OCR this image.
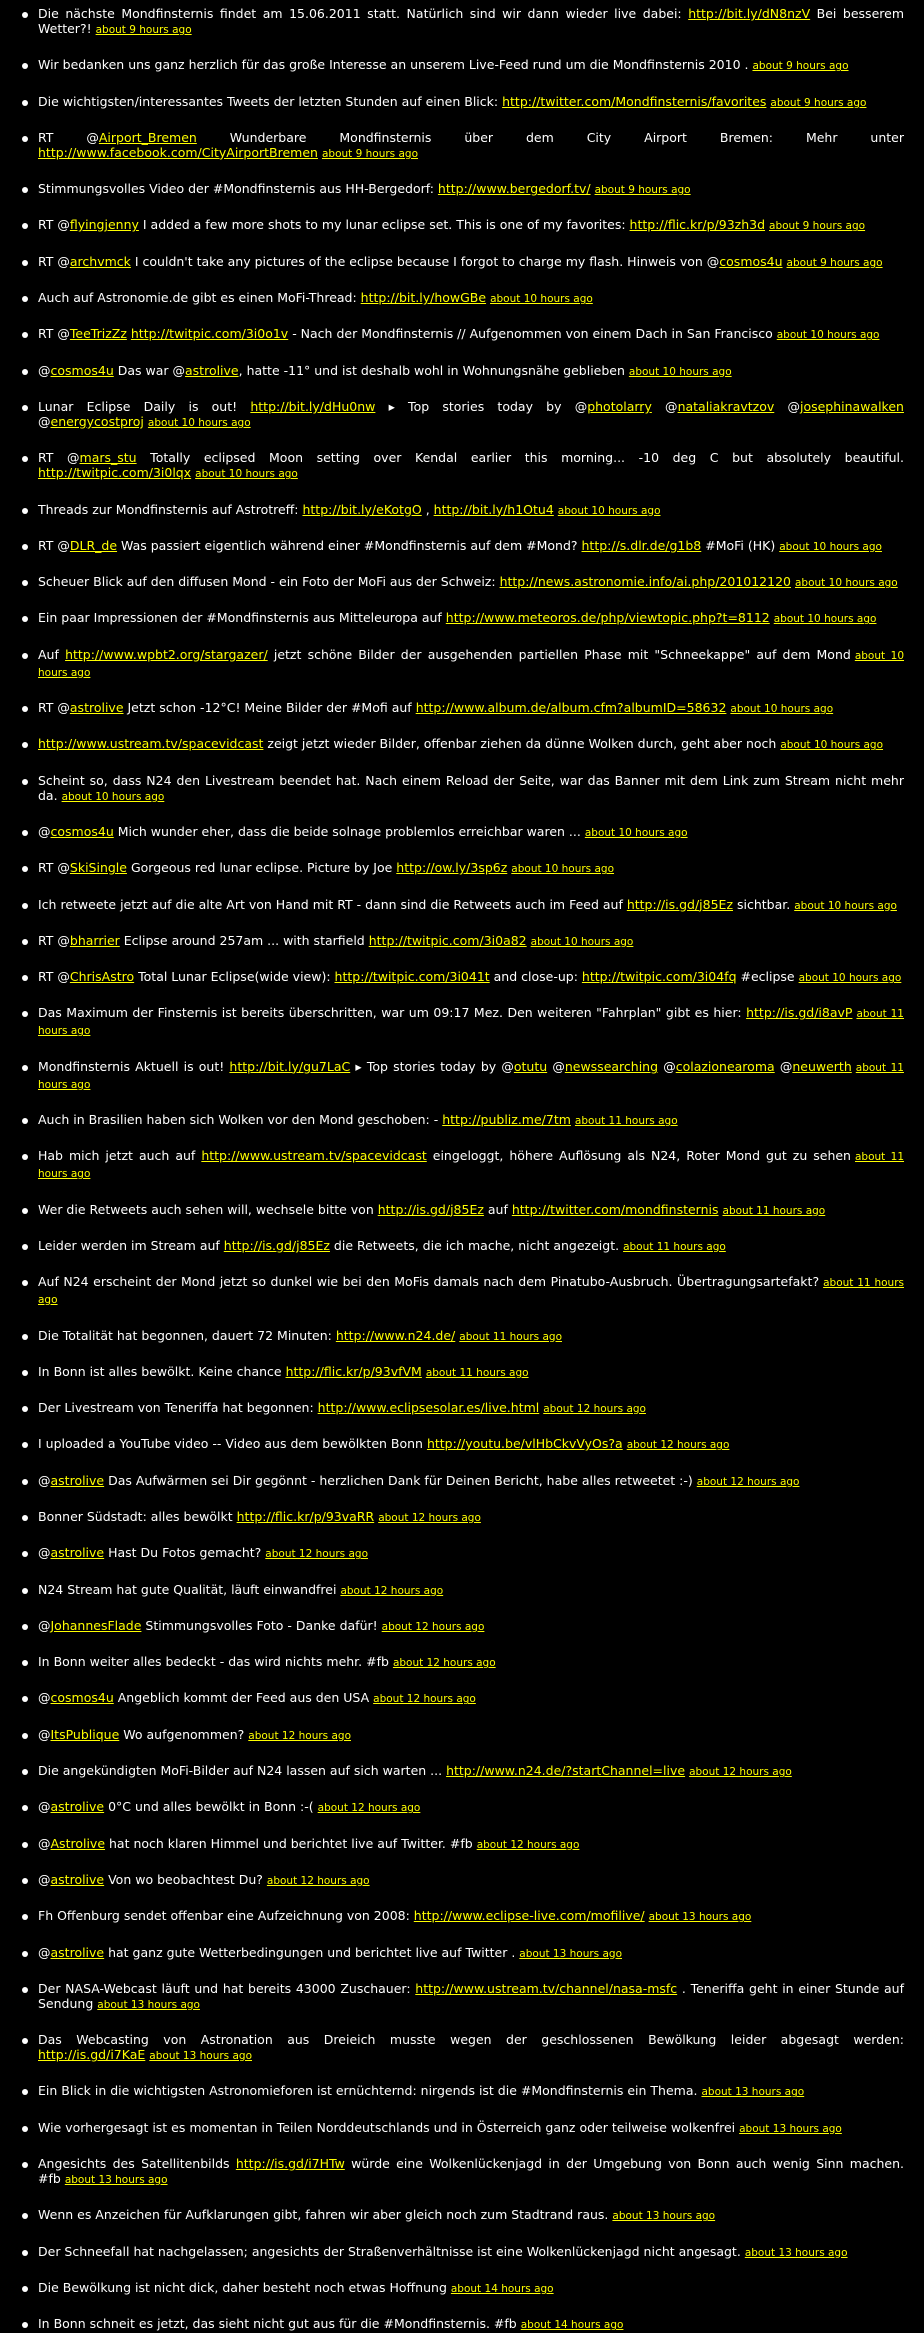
Die nächste Mondfinsternis findet am 15.06.2011 statt. Natürlich sind wir dann wieder live dabei: http://bit.ly/dN8nzV Bei besserem Wetter?! about 9 hours ago
Wir bedanken uns ganz herzlich für das große Interesse an unserem Live-Feed rund um die Mondfinsternis 2010 . about 9 hours ago
Die wichtigsten/interessantes Tweets der letzten Stunden auf einen Blick: http://twitter.com/Mondfinsternis/favorites about 9 hours ago
RT @Airport_Bremen Wunderbare Mondfinsternis über dem City Airport Bremen: Mehr unter http://www.facebook.com/CityAirportBremen about 9 hours ago
Stimmungsvolles Video der #Mondfinsternis aus HH-Bergedorf: http://www.bergedorf.tv/ about 9 hours ago
RT @flyingjenny I added a few more shots to my lunar eclipse set. This is one of my favorites: http://flic.kr/p/93zh3d about 9 hours ago
RT @archvmck I couldn't take any pictures of the eclipse because I forgot to charge my flash. Hinweis von @cosmos4u about 9 hours ago
Auch auf Astronomie.de gibt es einen MoFi-Thread: http://bit.ly/howGBe about 10 hours ago
RT @TeeTrizZz http://twitpic.com/3i0o1v - Nach der Mondfinsternis // Aufgenommen von einem Dach in San Francisco about 10 hours ago
@cosmos4u Das war @astrolive, hatte -11° und ist deshalb wohl in Wohnungsnähe geblieben about 10 hours ago
Lunar Eclipse Daily is out! http://bit.ly/dHu0nw ▸ Top stories today by @photolarry @nataliakravtzov @josephinawalken @energycostproj about 10 hours ago
RT @mars_stu Totally eclipsed Moon setting over Kendal earlier this morning... -10 deg C but absolutely beautiful. http://twitpic.com/3i0lqx about 10 hours ago
Threads zur Mondfinsternis auf Astrotreff: http://bit.ly/eKotgO , http://bit.ly/h1Otu4 about 10 hours ago
RT @DLR_de Was passiert eigentlich während einer #Mondfinsternis auf dem #Mond? http://s.dlr.de/g1b8 #MoFi (HK) about 10 hours ago
Scheuer Blick auf den diffusen Mond - ein Foto der MoFi aus der Schweiz: http://news.astronomie.info/ai.php/201012120 about 10 hours ago
Ein paar Impressionen der #Mondfinsternis aus Mitteleuropa auf http://www.meteoros.de/php/viewtopic.php?t=8112 about 10 hours ago
Auf http://www.wpbt2.org/stargazer/ jetzt schöne Bilder der ausgehenden partiellen Phase mit "Schneekappe" auf dem Mond about 10 hours ago
RT @astrolive Jetzt schon -12°C! Meine Bilder der #Mofi auf http://www.album.de/album.cfm?albumID=58632 about 10 hours ago
http://www.ustream.tv/spacevidcast zeigt jetzt wieder Bilder, offenbar ziehen da dünne Wolken durch, geht aber noch about 10 hours ago
Scheint so, dass N24 den Livestream beendet hat. Nach einem Reload der Seite, war das Banner mit dem Link zum Stream nicht mehr da. about 10 hours ago
@cosmos4u Mich wunder eher, dass die beide solnage problemlos erreichbar waren ... about 10 hours ago
RT @SkiSingle Gorgeous red lunar eclipse. Picture by Joe http://ow.ly/3sp6z about 10 hours ago
Ich retweete jetzt auf die alte Art von Hand mit RT - dann sind die Retweets auch im Feed auf http://is.gd/j85Ez sichtbar. about 10 hours ago
RT @bharrier Eclipse around 257am ... with starfield http://twitpic.com/3i0a82 about 10 hours ago
RT @ChrisAstro Total Lunar Eclipse(wide view): http://twitpic.com/3i041t and close-up: http://twitpic.com/3i04fq #eclipse about 10 hours ago
Das Maximum der Finsternis ist bereits überschritten, war um 09:17 Mez. Den weiteren "Fahrplan" gibt es hier: http://is.gd/i8avP about 11 hours ago
Mondfinsternis Aktuell is out! http://bit.ly/gu7LaC ▸ Top stories today by @otutu @newssearching @colazionearoma @neuwerth about 11 hours ago
Auch in Brasilien haben sich Wolken vor den Mond geschoben: - http://publiz.me/7tm about 11 hours ago
Hab mich jetzt auch auf http://www.ustream.tv/spacevidcast eingeloggt, höhere Auflösung als N24, Roter Mond gut zu sehen about 11 hours ago
Wer die Retweets auch sehen will, wechsele bitte von http://is.gd/j85Ez auf http://twitter.com/mondfinsternis about 11 hours ago
Leider werden im Stream auf http://is.gd/j85Ez die Retweets, die ich mache, nicht angezeigt. about 11 hours ago
Auf N24 erscheint der Mond jetzt so dunkel wie bei den MoFis damals nach dem Pinatubo-Ausbruch. Übertragungsartefakt? about 11 hours ago
Die Totalität hat begonnen, dauert 72 Minuten: http://www.n24.de/ about 11 hours ago
In Bonn ist alles bewölkt. Keine chance http://flic.kr/p/93vfVM about 11 hours ago
Der Livestream von Teneriffa hat begonnen: http://www.eclipsesolar.es/live.html about 12 hours ago
I uploaded a YouTube video -- Video aus dem bewölkten Bonn http://youtu.be/vlHbCkvVyOs?a about 12 hours ago
@astrolive Das Aufwärmen sei Dir gegönnt - herzlichen Dank für Deinen Bericht, habe alles retweetet :-) about 12 hours ago
Bonner Südstadt: alles bewölkt http://flic.kr/p/93vaRR about 12 hours ago
@astrolive Hast Du Fotos gemacht? about 12 hours ago
N24 Stream hat gute Qualität, läuft einwandfrei about 12 hours ago
@JohannesFlade Stimmungsvolles Foto - Danke dafür! about 12 hours ago
In Bonn weiter alles bedeckt - das wird nichts mehr. #fb about 12 hours ago
@cosmos4u Angeblich kommt der Feed aus den USA about 12 hours ago
@ItsPublique Wo aufgenommen? about 12 hours ago
Die angekündigten MoFi-Bilder auf N24 lassen auf sich warten ... http://www.n24.de/?startChannel=live about 12 hours ago
@astrolive 0°C und alles bewölkt in Bonn :-( about 12 hours ago
@Astrolive hat noch klaren Himmel und berichtet live auf Twitter. #fb about 12 hours ago
@astrolive Von wo beobachtest Du? about 12 hours ago
Fh Offenburg sendet offenbar eine Aufzeichnung von 2008: http://www.eclipse-live.com/mofilive/ about 13 hours ago
@astrolive hat ganz gute Wetterbedingungen und berichtet live auf Twitter . about 13 hours ago
Der NASA-Webcast läuft und hat bereits 43000 Zuschauer: http://www.ustream.tv/channel/nasa-msfc . Teneriffa geht in einer Stunde auf Sendung about 13 hours ago
Das Webcasting von Astronation aus Dreieich musste wegen der geschlossenen Bewölkung leider abgesagt werden: http://is.gd/i7KaE about 13 hours ago
Ein Blick in die wichtigsten Astronomieforen ist ernüchternd: nirgends ist die #Mondfinsternis ein Thema. about 13 hours ago
Wie vorhergesagt ist es momentan in Teilen Norddeutschlands und in Österreich ganz oder teilweise wolkenfrei about 13 hours ago
Angesichts des Satellitenbilds http://is.gd/i7HTw würde eine Wolkenlückenjagd in der Umgebung von Bonn auch wenig Sinn machen. #fb about 13 hours ago
Wenn es Anzeichen für Aufklarungen gibt, fahren wir aber gleich noch zum Stadtrand raus. about 13 hours ago
Der Schneefall hat nachgelassen; angesichts der Straßenverhältnisse ist eine Wolkenlückenjagd nicht angesagt. about 13 hours ago
Die Bewölkung ist nicht dick, daher besteht noch etwas Hoffnung about 14 hours ago
In Bonn schneit es jetzt, das sieht nicht gut aus für die #Mondfinsternis. #fb about 14 hours ago
